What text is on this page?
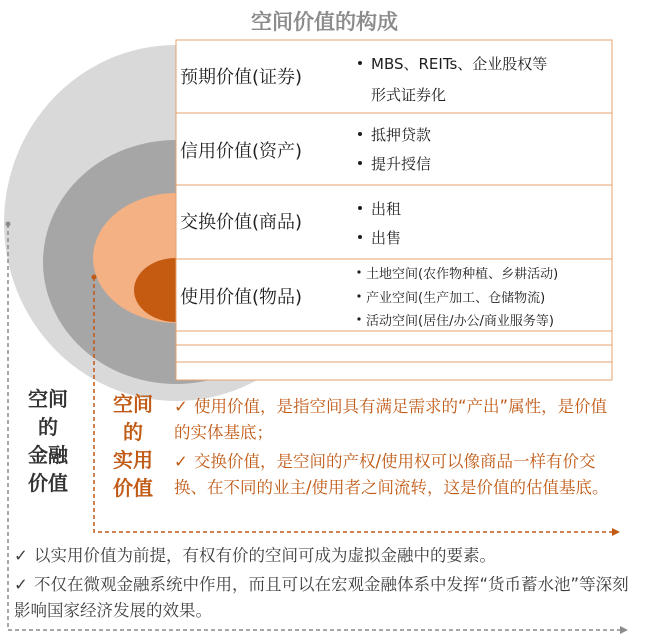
空间价值的构成
预期价值(证券)
信用价值(资产)
交换价值(商品)
使用价值(物品)
MBS、REITs、企业股权等
形式证券化
抵押贷款
提升授信
出租
出售
土地空间(农作物种植、乡耕活动)
产业空间(生产加工、仓储物流)
活动空间(居住/办公/商业服务等)
空间
的
金融
价值
空间
的
实用
价值
✓ 使用价值，是指空间具有满足需求的“产出”属性，是价值的实体基底；
✓ 交换价值，是空间的产权/使用权可以像商品一样有价交换、在不同的业主/使用者之间流转，这是价值的估值基底。
✓ 以实用价值为前提，有权有价的空间可成为虚拟金融中的要素。
✓ 不仅在微观金融系统中作用，而且可以在宏观金融体系中发挥“货币蓄水池”等深刻影响国家经济发展的效果。
